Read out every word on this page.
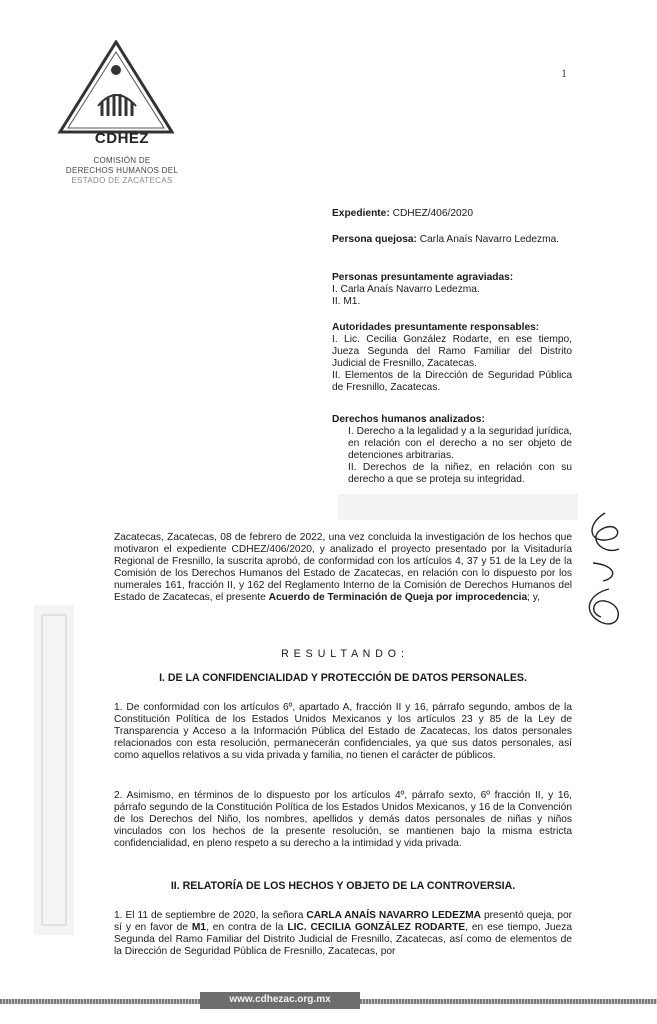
1
CDHEZ
COMISIÓN DE
DERECHOS HUMANOS DEL
ESTADO DE ZACATECAS
Expediente: CDHEZ/406/2020
Persona quejosa: Carla Anaís Navarro Ledezma.
Personas presuntamente agraviadas:
I. Carla Anaís Navarro Ledezma.
II. M1.
Autoridades presuntamente responsables:
I. Lic. Cecilia González Rodarte, en ese tiempo, Jueza Segunda del Ramo Familiar del Distrito Judicial de Fresnillo, Zacatecas.
II. Elementos de la Dirección de Seguridad Pública de Fresnillo, Zacatecas.
Derechos humanos analizados:
I. Derecho a la legalidad y a la seguridad jurídica, en relación con el derecho a no ser objeto de detenciones arbitrarias.
II. Derechos de la niñez, en relación con su derecho a que se proteja su integridad.
Zacatecas, Zacatecas, 08 de febrero de 2022, una vez concluida la investigación de los hechos que motivaron el expediente CDHEZ/406/2020, y analizado el proyecto presentado por la Visitaduría Regional de Fresnillo, la suscrita aprobó, de conformidad con los artículos 4, 37 y 51 de la Ley de la Comisión de los Derechos Humanos del Estado de Zacatecas, en relación con lo dispuesto por los numerales 161, fracción II, y 162 del Reglamento Interno de la Comisión de Derechos Humanos del Estado de Zacatecas, el presente Acuerdo de Terminación de Queja por improcedencia; y,
R E S U L T A N D O :
I. DE LA CONFIDENCIALIDAD Y PROTECCIÓN DE DATOS PERSONALES.
1. De conformidad con los artículos 6º, apartado A, fracción II y 16, párrafo segundo, ambos de la Constitución Política de los Estados Unidos Mexicanos y los artículos 23 y 85 de la Ley de Transparencia y Acceso a la Información Pública del Estado de Zacatecas, los datos personales relacionados con esta resolución, permanecerán confidenciales, ya que sus datos personales, así como aquellos relativos a su vida privada y familia, no tienen el carácter de públicos.
2. Asimismo, en términos de lo dispuesto por los artículos 4º, párrafo sexto, 6º fracción II, y 16, párrafo segundo de la Constitución Política de los Estados Unidos Mexicanos, y 16 de la Convención de los Derechos del Niño, los nombres, apellidos y demás datos personales de niñas y niños vinculados con los hechos de la presente resolución, se mantienen bajo la misma estricta confidencialidad, en pleno respeto a su derecho a la intimidad y vida privada.
II. RELATORÍA DE LOS HECHOS Y OBJETO DE LA CONTROVERSIA.
1. El 11 de septiembre de 2020, la señora CARLA ANAÍS NAVARRO LEDEZMA presentó queja, por sí y en favor de M1, en contra de la LIC. CECILIA GONZÁLEZ RODARTE, en ese tiempo, Jueza Segunda del Ramo Familiar del Distrito Judicial de Fresnillo, Zacatecas, así como de elementos de la Dirección de Seguridad Pública de Fresnillo, Zacatecas, por
www.cdhezac.org.mx
